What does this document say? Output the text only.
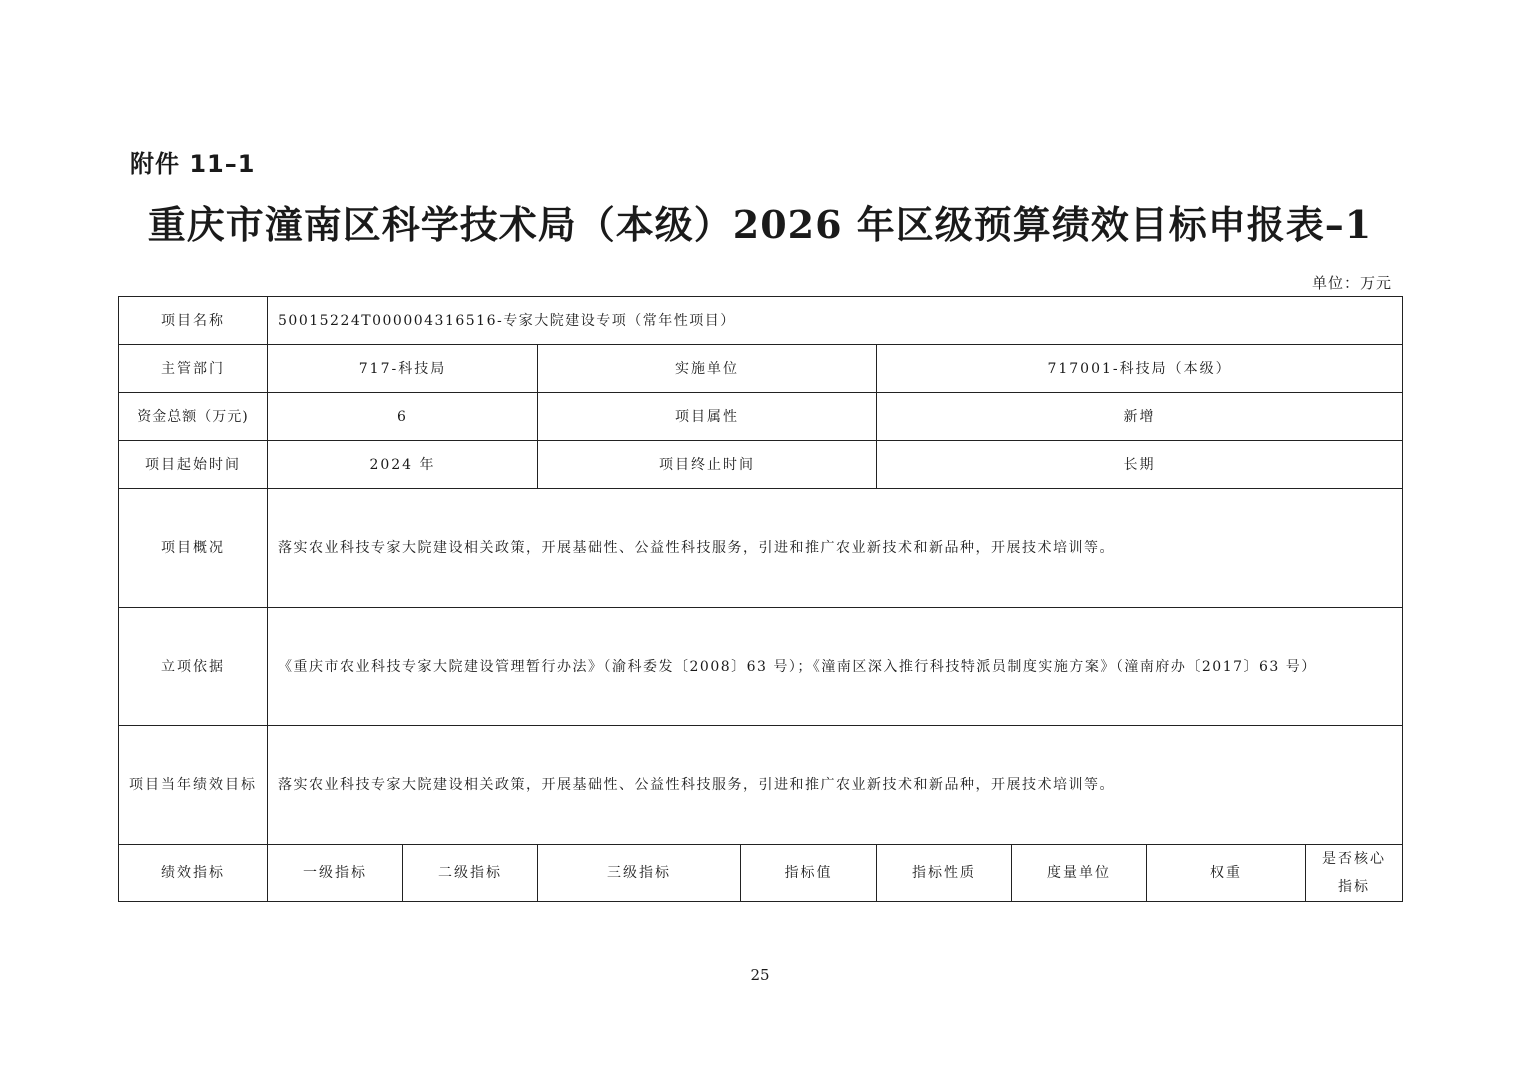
附件 11–1
重庆市潼南区科学技术局（本级）2026 年区级预算绩效目标申报表–1
单位：万元
项目名称	50015224T000004316516-专家大院建设专项（常年性项目）							
主管部门	717-科技局		实施单位		717001-科技局（本级）			
资金总额（万元)	6		项目属性		新增			
项目起始时间	2024 年		项目终止时间		长期			
项目概况	落实农业科技专家大院建设相关政策，开展基础性、公益性科技服务，引进和推广农业新技术和新品种，开展技术培训等。							
立项依据	《重庆市农业科技专家大院建设管理暂行办法》（渝科委发〔2008〕63 号）；《潼南区深入推行科技特派员制度实施方案》（潼南府办〔2017〕63 号）							
项目当年绩效目标	落实农业科技专家大院建设相关政策，开展基础性、公益性科技服务，引进和推广农业新技术和新品种，开展技术培训等。							
绩效指标	一级指标	二级指标	三级指标	指标值	指标性质	度量单位	权重	是否核心指标
25
